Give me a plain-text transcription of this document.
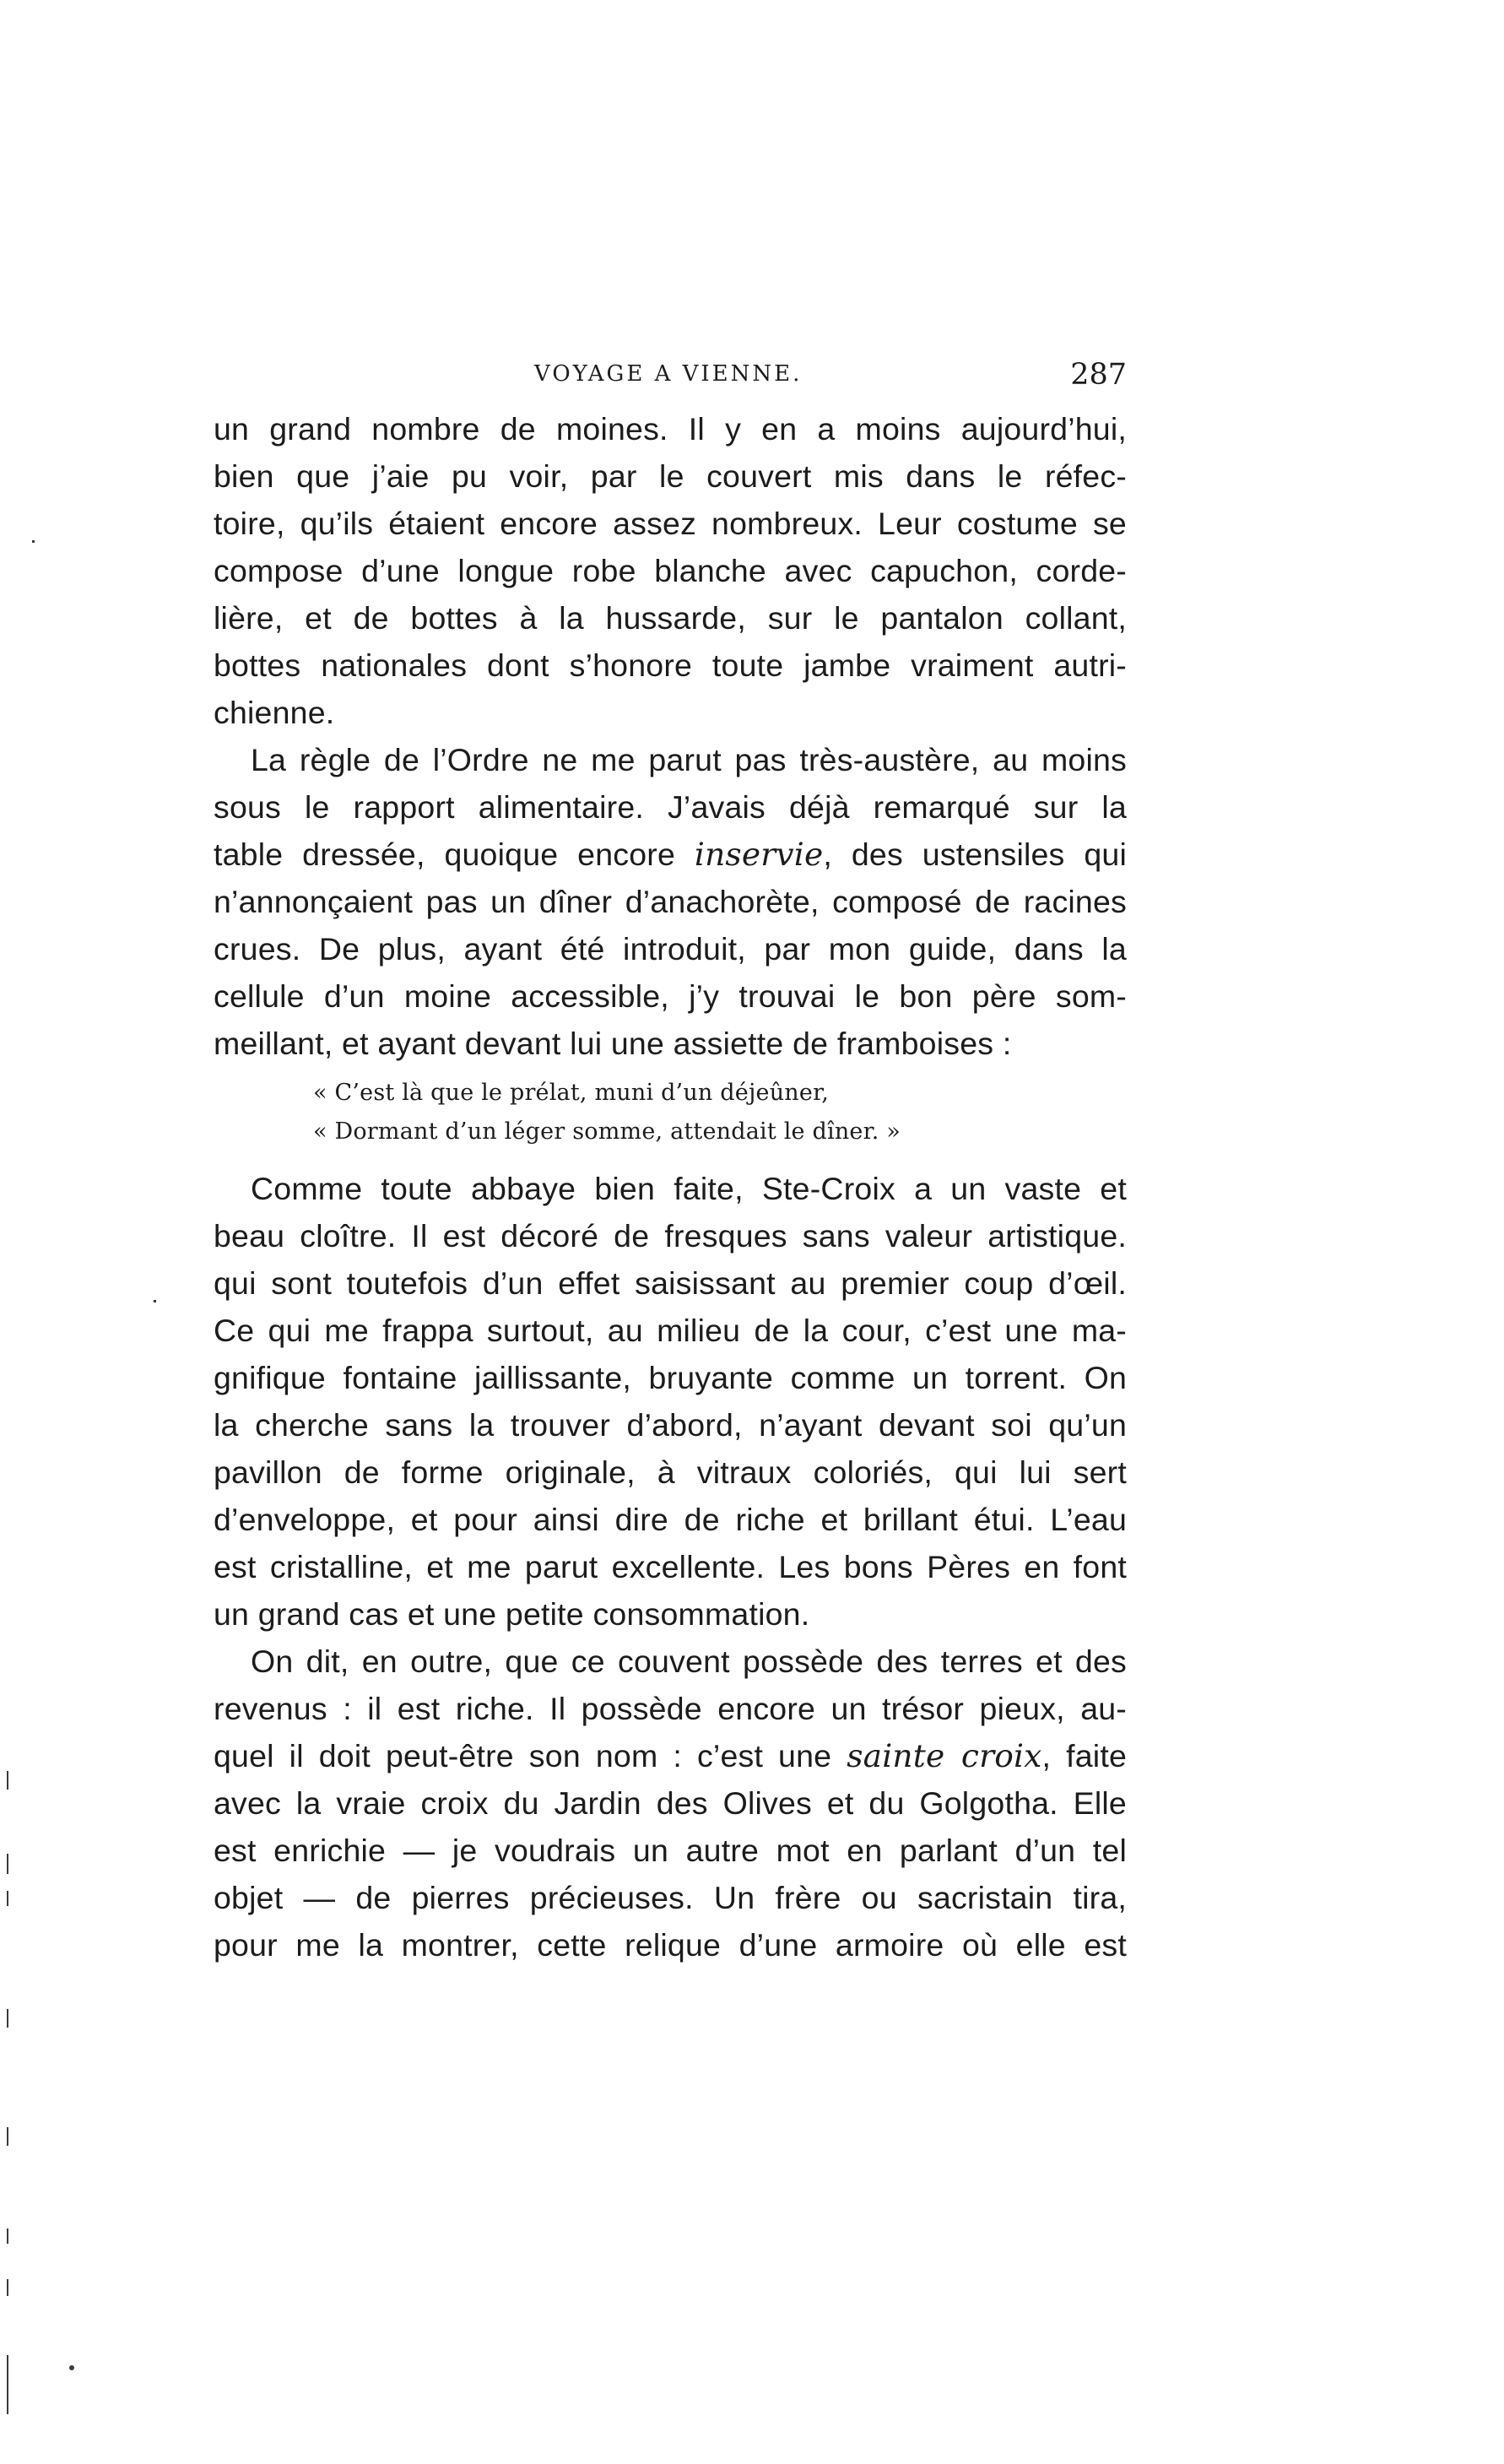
VOYAGE A VIENNE.	287
un grand nombre de moines. Il y en a moins aujourd’hui,
bien que j’aie pu voir, par le couvert mis dans le réfec-
toire, qu’ils étaient encore assez nombreux. Leur costume se
compose d’une longue robe blanche avec capuchon, corde-
lière, et de bottes à la hussarde, sur le pantalon collant,
bottes nationales dont s’honore toute jambe vraiment autri-
chienne.
La règle de l’Ordre ne me parut pas très-austère, au moins
sous le rapport alimentaire. J’avais déjà remarqué sur la
table dressée, quoique encore inservie, des ustensiles qui
n’annonçaient pas un dîner d’anachorète, composé de racines
crues. De plus, ayant été introduit, par mon guide, dans la
cellule d’un moine accessible, j’y trouvai le bon père som-
meillant, et ayant devant lui une assiette de framboises :
« C’est là que le prélat, muni d’un déjeûner,
« Dormant d’un léger somme, attendait le dîner. »
Comme toute abbaye bien faite, Ste-Croix a un vaste et
beau cloître. Il est décoré de fresques sans valeur artistique.
qui sont toutefois d’un effet saisissant au premier coup d’œil.
Ce qui me frappa surtout, au milieu de la cour, c’est une ma-
gnifique fontaine jaillissante, bruyante comme un torrent. On
la cherche sans la trouver d’abord, n’ayant devant soi qu’un
pavillon de forme originale, à vitraux coloriés, qui lui sert
d’enveloppe, et pour ainsi dire de riche et brillant étui. L’eau
est cristalline, et me parut excellente. Les bons Pères en font
un grand cas et une petite consommation.
On dit, en outre, que ce couvent possède des terres et des
revenus : il est riche. Il possède encore un trésor pieux, au-
quel il doit peut-être son nom : c’est une sainte croix, faite
avec la vraie croix du Jardin des Olives et du Golgotha. Elle
est enrichie — je voudrais un autre mot en parlant d’un tel
objet — de pierres précieuses. Un frère ou sacristain tira,
pour me la montrer, cette relique d’une armoire où elle est
